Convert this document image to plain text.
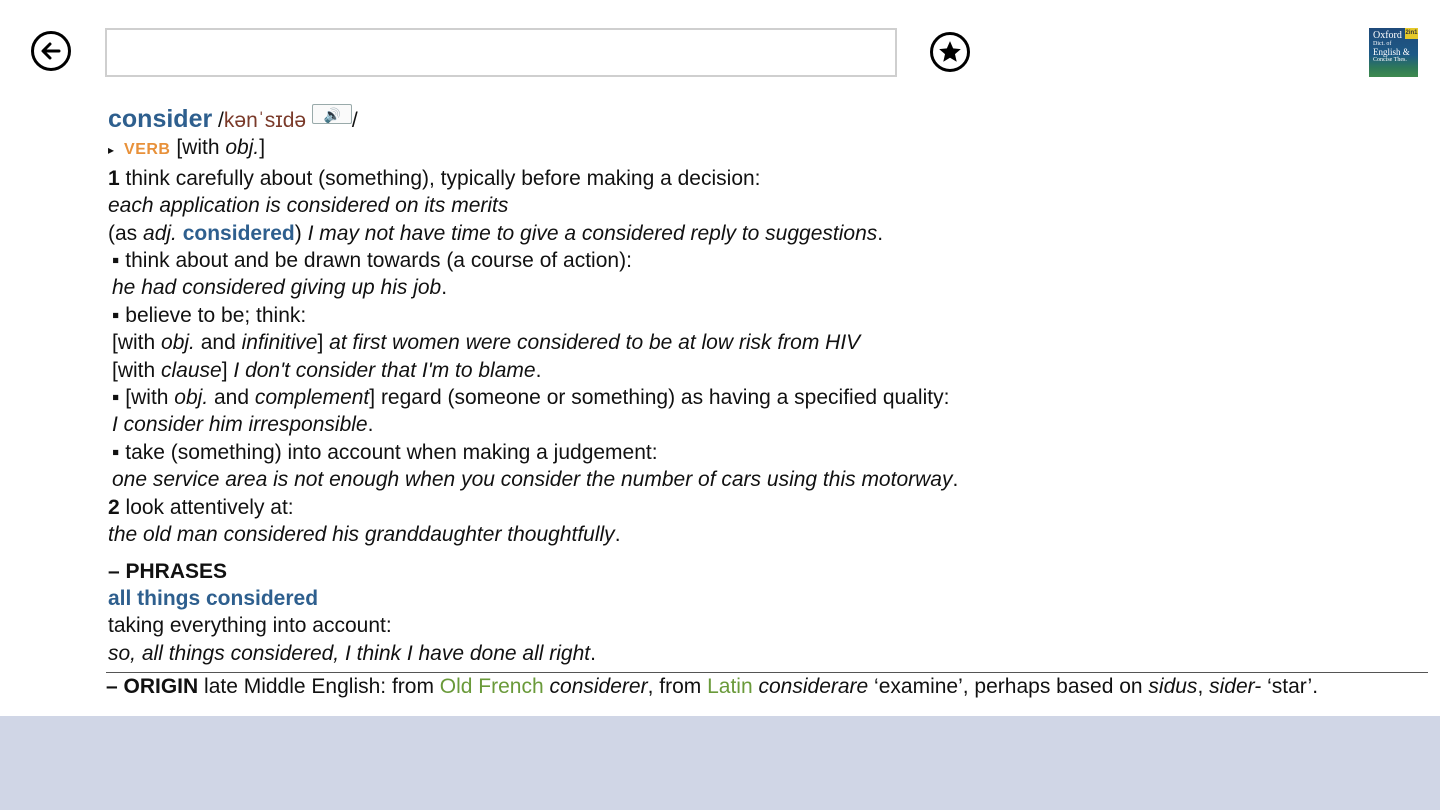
Oxford
Dict. of
English &
Concise Thes.
2in1
consider /kənˈsɪdə 🔊 /
▸ VERB [with obj.]
1 think carefully about (something), typically before making a decision:
each application is considered on its merits
(as adj. considered) I may not have time to give a considered reply to suggestions.
▪ think about and be drawn towards (a course of action):
he had considered giving up his job.
▪ believe to be; think:
[with obj. and infinitive] at first women were considered to be at low risk from HIV
[with clause] I don't consider that I'm to blame.
▪ [with obj. and complement] regard (someone or something) as having a specified quality:
I consider him irresponsible.
▪ take (something) into account when making a judgement:
one service area is not enough when you consider the number of cars using this motorway.
2 look attentively at:
the old man considered his granddaughter thoughtfully.
– PHRASES
all things considered
taking everything into account:
so, all things considered, I think I have done all right.
– ORIGIN late Middle English: from Old French considerer, from Latin considerare ‘examine’, perhaps based on sidus, sider- ‘star’.
